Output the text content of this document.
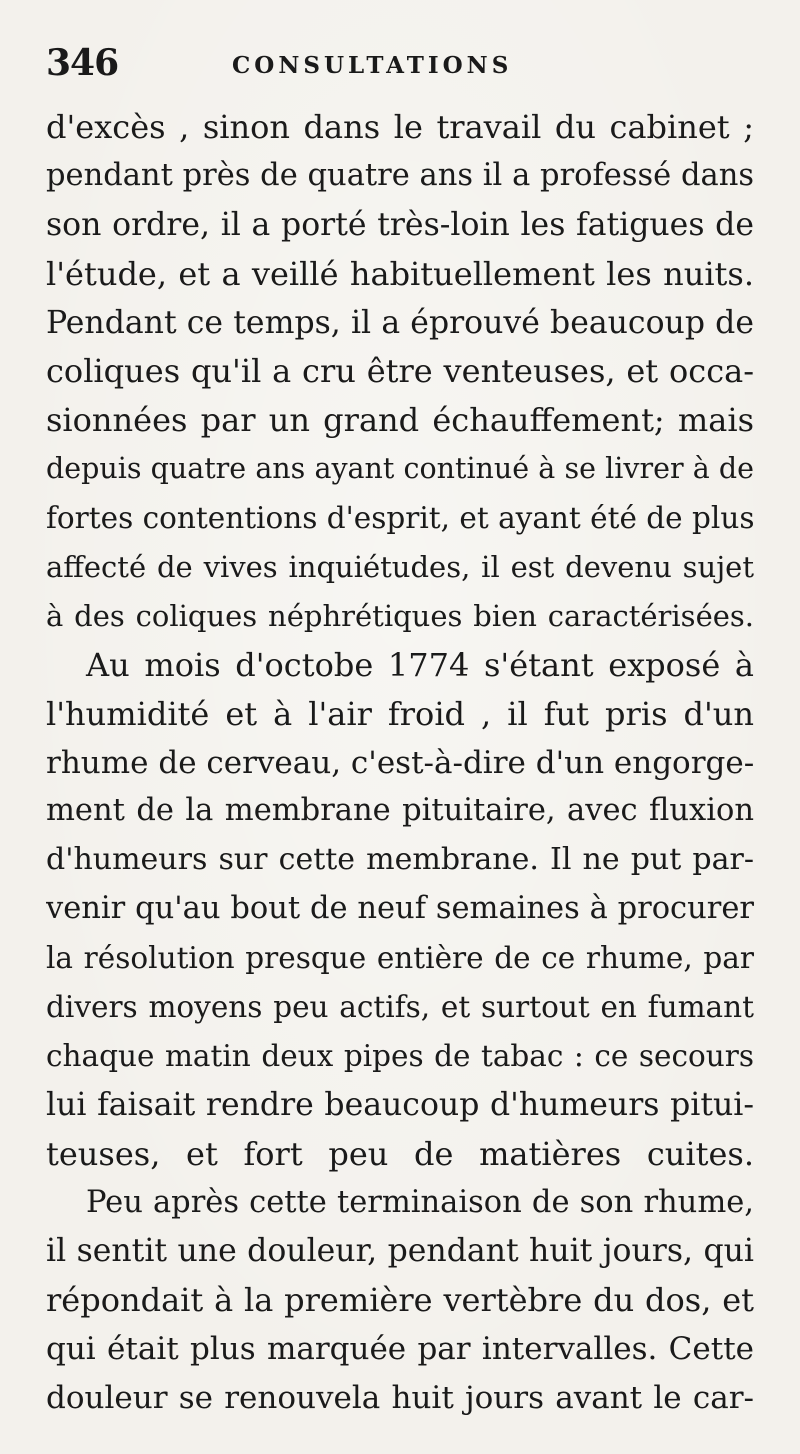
346	CONSULTATIONS
d'excès , sinon dans le travail du cabinet ;
pendant près de quatre ans il a professé dans
son ordre, il a porté très-loin les fatigues de
l'étude, et a veillé habituellement les nuits.
Pendant ce temps, il a éprouvé beaucoup de
coliques qu'il a cru être venteuses, et occa-
sionnées par un grand échauffement; mais
depuis quatre ans ayant continué à se livrer à de
fortes contentions d'esprit, et ayant été de plus
affecté de vives inquiétudes, il est devenu sujet
à des coliques néphrétiques bien caractérisées.
Au mois d'octobe 1774 s'étant exposé à
l'humidité et à l'air froid , il fut pris d'un
rhume de cerveau, c'est-à-dire d'un engorge-
ment de la membrane pituitaire, avec fluxion
d'humeurs sur cette membrane. Il ne put par-
venir qu'au bout de neuf semaines à procurer
la résolution presque entière de ce rhume, par
divers moyens peu actifs, et surtout en fumant
chaque matin deux pipes de tabac : ce secours
lui faisait rendre beaucoup d'humeurs pitui-
teuses, et fort peu de matières cuites.
Peu après cette terminaison de son rhume,
il sentit une douleur, pendant huit jours, qui
répondait à la première vertèbre du dos, et
qui était plus marquée par intervalles. Cette
douleur se renouvela huit jours avant le car-
